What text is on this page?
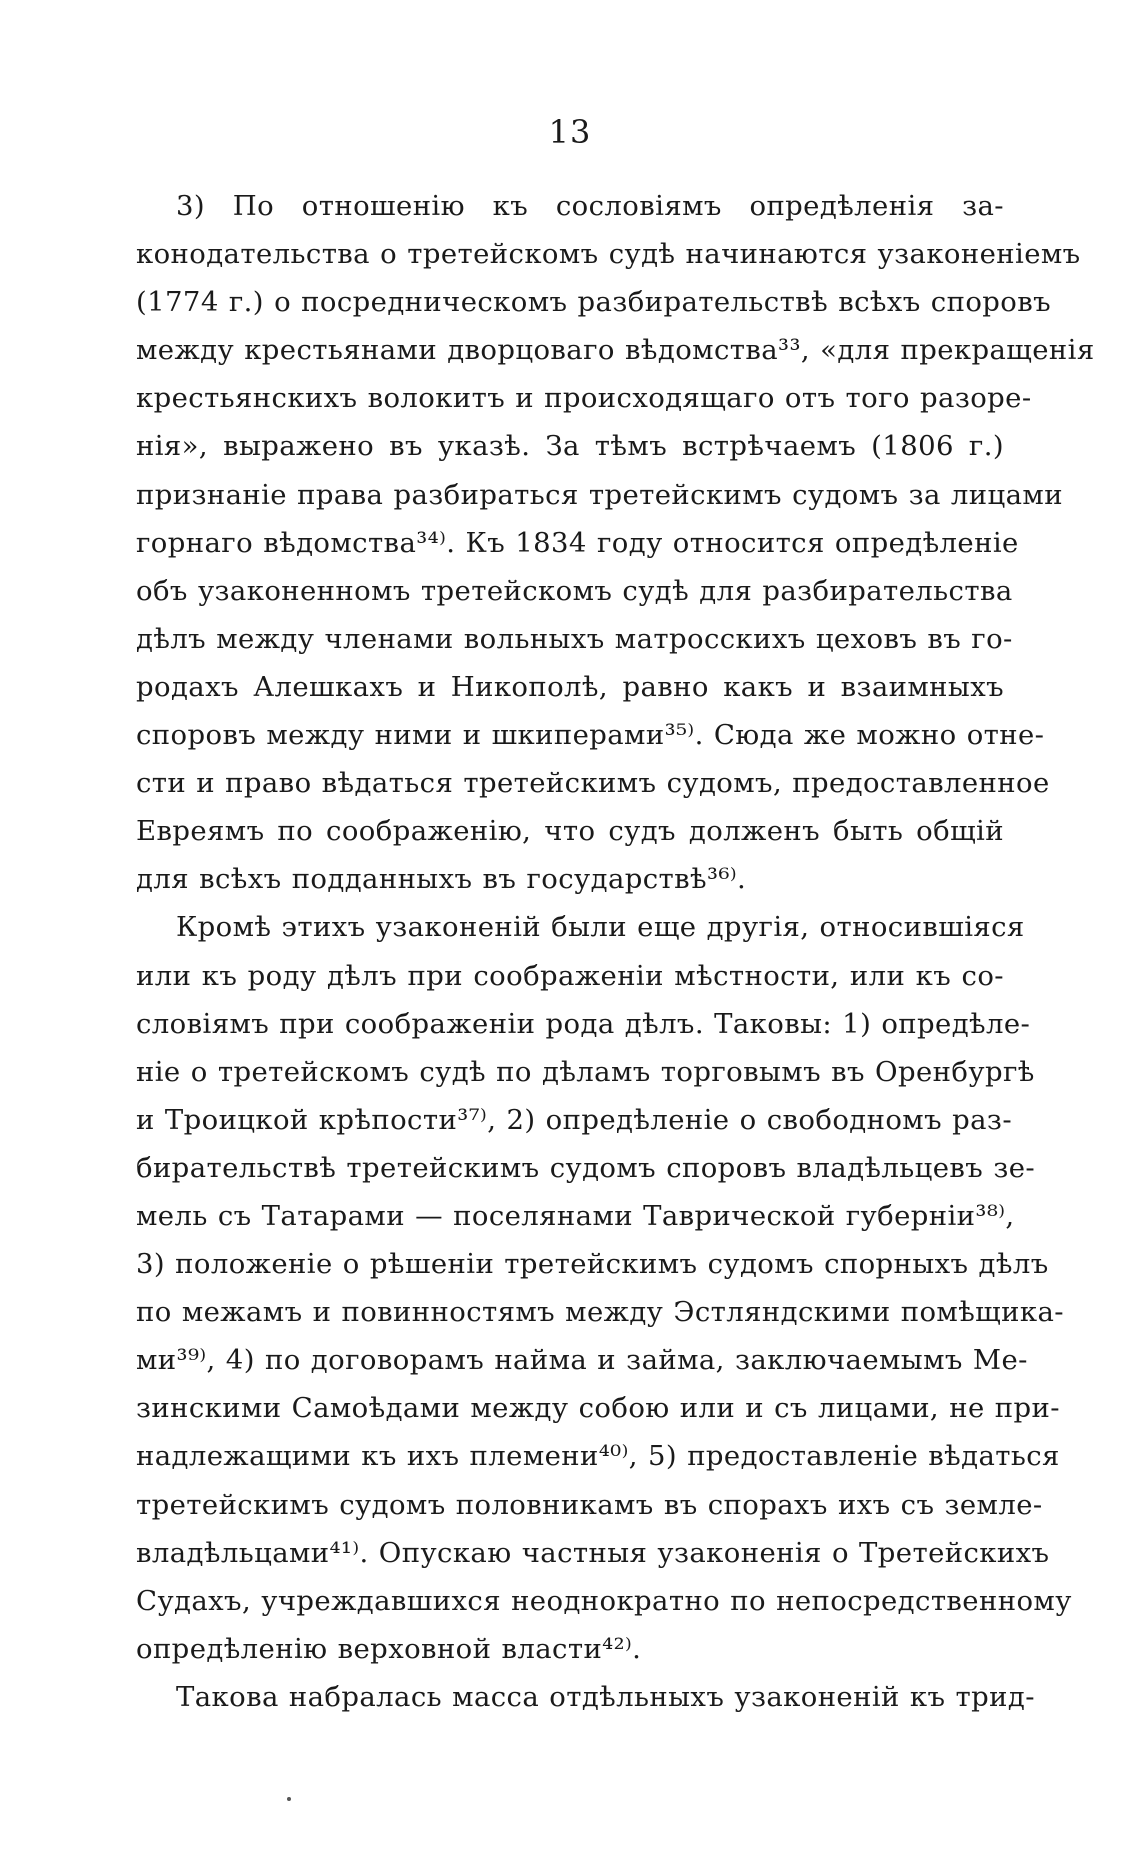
13
3) По отношенію къ сословіямъ опредѣленія за-
конодательства о третейскомъ судѣ начинаются узаконеніемъ
(1774 г.) о посредническомъ разбирательствѣ всѣхъ споровъ
между крестьянами дворцоваго вѣдомства³³, «для прекращенія
крестьянскихъ волокитъ и происходящаго отъ того разоре-
нія», выражено въ указѣ. За тѣмъ встрѣчаемъ (1806 г.)
признаніе права разбираться третейскимъ судомъ за лицами
горнаго вѣдомства³⁴⁾. Къ 1834 году относится опредѣленіе
объ узаконенномъ третейскомъ судѣ для разбирательства
дѣлъ между членами вольныхъ матросскихъ цеховъ въ го-
родахъ Алешкахъ и Никополѣ, равно какъ и взаимныхъ
споровъ между ними и шкиперами³⁵⁾. Сюда же можно отне-
сти и право вѣдаться третейскимъ судомъ, предоставленное
Евреямъ по соображенію, что судъ долженъ быть общій
для всѣхъ подданныхъ въ государствѣ³⁶⁾.
Кромѣ этихъ узаконеній были еще другія, относившіяся
или къ роду дѣлъ при соображеніи мѣстности, или къ со-
словіямъ при соображеніи рода дѣлъ. Таковы: 1) опредѣле-
ніе о третейскомъ судѣ по дѣламъ торговымъ въ Оренбургѣ
и Троицкой крѣпости³⁷⁾, 2) опредѣленіе о свободномъ раз-
бирательствѣ третейскимъ судомъ споровъ владѣльцевъ зе-
мель съ Татарами — поселянами Таврической губерніи³⁸⁾,
3) положеніе о рѣшеніи третейскимъ судомъ спорныхъ дѣлъ
по межамъ и повинностямъ между Эстляндскими помѣщика-
ми³⁹⁾, 4) по договорамъ найма и займа, заключаемымъ Ме-
зинскими Самоѣдами между собою или и съ лицами, не при-
надлежащими къ ихъ племени⁴⁰⁾, 5) предоставленіе вѣдаться
третейскимъ судомъ половникамъ въ спорахъ ихъ съ земле-
владѣльцами⁴¹⁾. Опускаю частныя узаконенія о Третейскихъ
Судахъ, учреждавшихся неоднократно по непосредственному
опредѣленію верховной власти⁴²⁾.
Такова набралась масса отдѣльныхъ узаконеній къ трид-
